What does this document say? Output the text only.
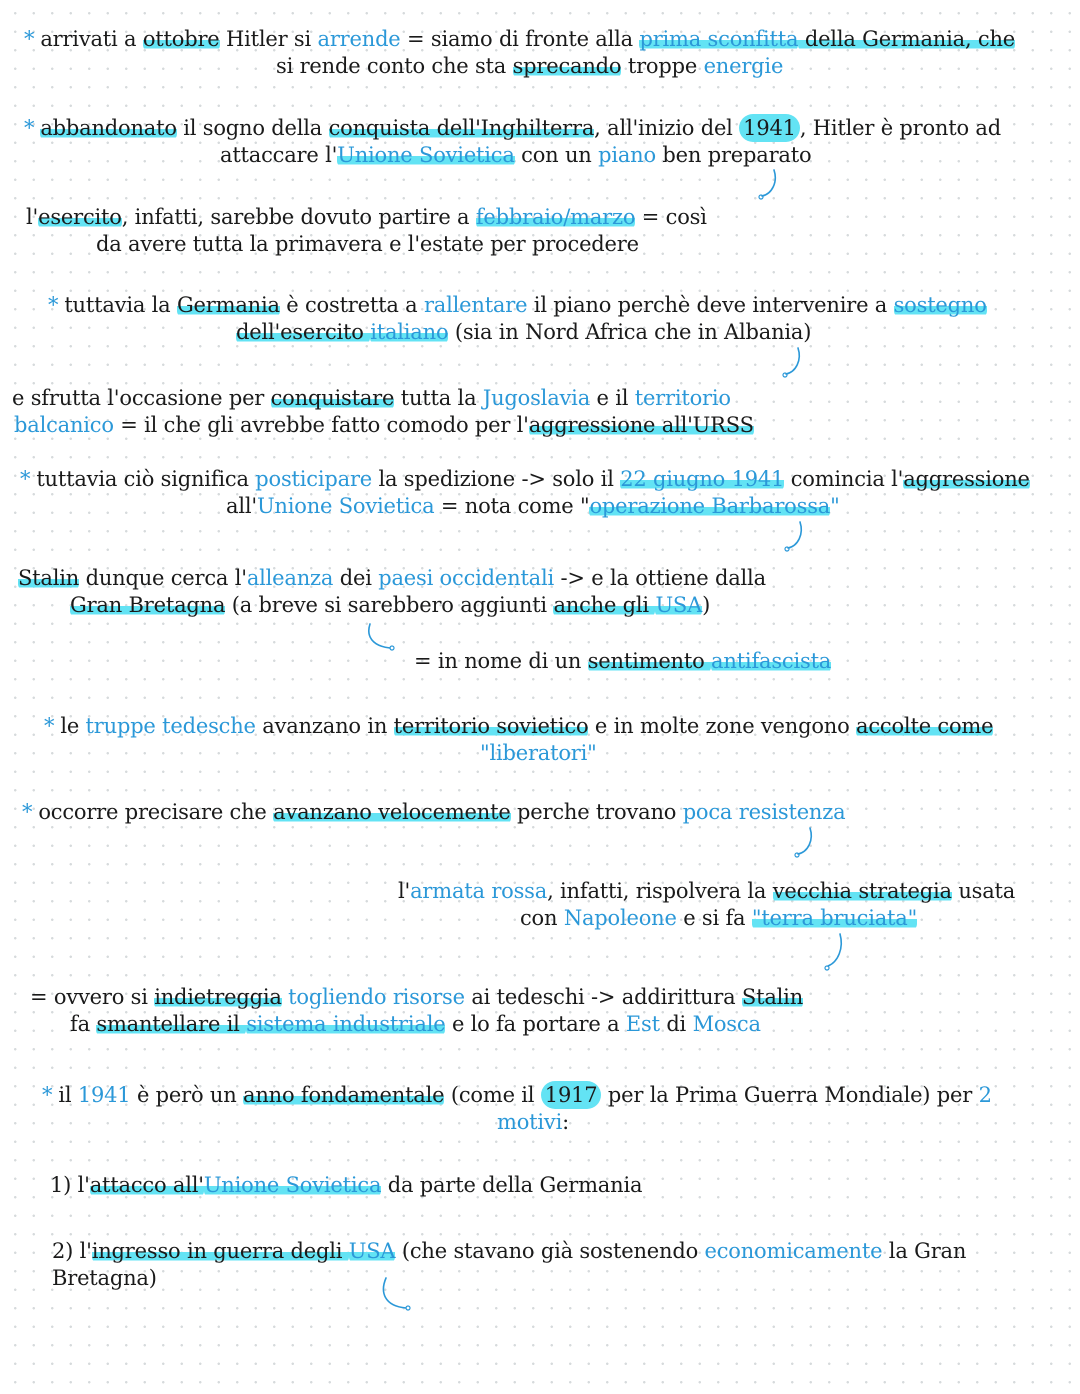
* arrivati a ottobre Hitler si arrende = siamo di fronte alla prima sconfitta della Germania, che
si rende conto che sta sprecando troppe energie
* abbandonato il sogno della conquista dell'Inghilterra, all'inizio del 1941 , Hitler è pronto ad
attaccare l'Unione Sovietica con un piano ben preparato
l'esercito, infatti, sarebbe dovuto partire a febbraio/marzo = così
da avere tutta la primavera e l'estate per procedere
* tuttavia la Germania è costretta a rallentare il piano perchè deve intervenire a sostegno
dell'esercito italiano (sia in Nord Africa che in Albania)
e sfrutta l'occasione per conquistare tutta la Jugoslavia e il territorio
balcanico = il che gli avrebbe fatto comodo per l'aggressione all'URSS
* tuttavia ciò significa posticipare la spedizione -> solo il 22 giugno 1941 comincia l'aggressione
all'Unione Sovietica = nota come "operazione Barbarossa"
Stalin dunque cerca l'alleanza dei paesi occidentali -> e la ottiene dalla
Gran Bretagna (a breve si sarebbero aggiunti anche gli USA)
= in nome di un sentimento antifascista
* le truppe tedesche avanzano in territorio sovietico e in molte zone vengono accolte come
"liberatori"
* occorre precisare che avanzano velocemente perche trovano poca resistenza
l'armata rossa, infatti, rispolvera la vecchia strategia usata
con Napoleone e si fa "terra bruciata"
= ovvero si indietreggia togliendo risorse ai tedeschi -> addirittura Stalin
fa smantellare il sistema industriale e lo fa portare a Est di Mosca
* il 1941 è però un anno fondamentale (come il 1917 per la Prima Guerra Mondiale) per 2
motivi:
1) l'attacco all'Unione Sovietica da parte della Germania
2) l'ingresso in guerra degli USA (che stavano già sostenendo economicamente la Gran
Bretagna)
